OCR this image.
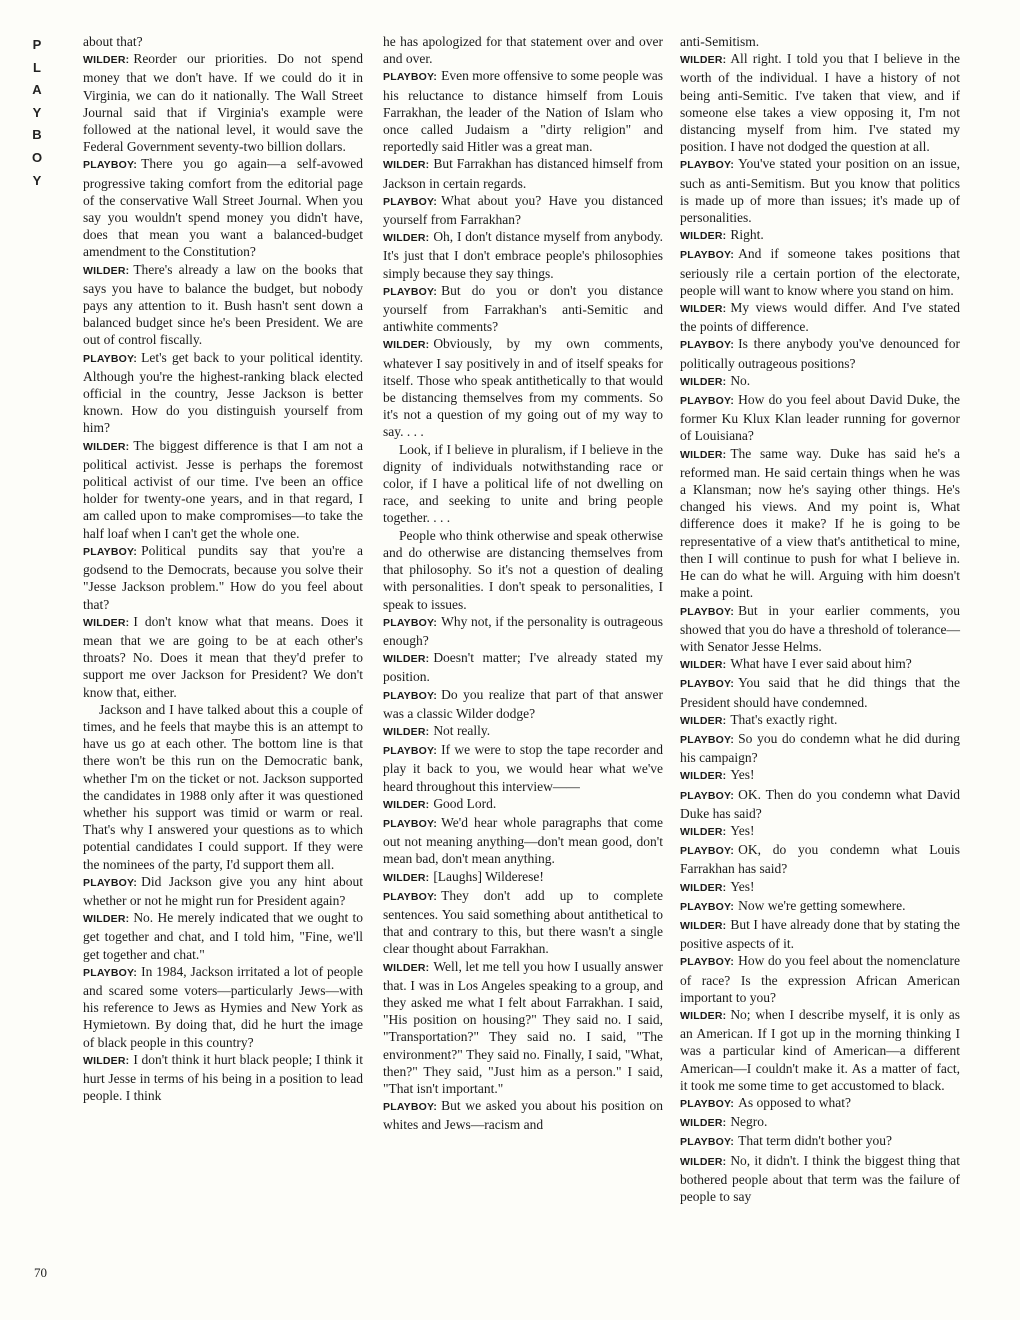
P
L
A
Y
B
O
Y

about that?

WILDER: Reorder our priorities. Do not spend money that we don't have. If we could do it in Virginia, we can do it nationally. The Wall Street Journal said that if Virginia's example were followed at the national level, it would save the Federal Government seventy-two billion dollars.

PLAYBOY: There you go again—a self-avowed progressive taking comfort from the editorial page of the conservative Wall Street Journal. When you say you wouldn't spend money you didn't have, does that mean you want a balanced-budget amendment to the Constitution?

WILDER: There's already a law on the books that says you have to balance the budget, but nobody pays any attention to it. Bush hasn't sent down a balanced budget since he's been President. We are out of control fiscally.

PLAYBOY: Let's get back to your political identity. Although you're the highest-ranking black elected official in the country, Jesse Jackson is better known. How do you distinguish yourself from him?

WILDER: The biggest difference is that I am not a political activist. Jesse is perhaps the foremost political activist of our time. I've been an office holder for twenty-one years, and in that regard, I am called upon to make compromises—to take the half loaf when I can't get the whole one.

PLAYBOY: Political pundits say that you're a godsend to the Democrats, because you solve their "Jesse Jackson problem." How do you feel about that?

WILDER: I don't know what that means. Does it mean that we are going to be at each other's throats? No. Does it mean that they'd prefer to support me over Jackson for President? We don't know that, either.

Jackson and I have talked about this a couple of times, and he feels that maybe this is an attempt to have us go at each other. The bottom line is that there won't be this run on the Democratic bank, whether I'm on the ticket or not. Jackson supported the candidates in 1988 only after it was questioned whether his support was timid or warm or real. That's why I answered your questions as to which potential candidates I could support. If they were the nominees of the party, I'd support them all.

PLAYBOY: Did Jackson give you any hint about whether or not he might run for President again?

WILDER: No. He merely indicated that we ought to get together and chat, and I told him, "Fine, we'll get together and chat."

PLAYBOY: In 1984, Jackson irritated a lot of people and scared some voters—particularly Jews—with his reference to Jews as Hymies and New York as Hymietown. By doing that, did he hurt the image of black people in this country?

WILDER: I don't think it hurt black people; I think it hurt Jesse in terms of his being in a position to lead people. I think

he has apologized for that statement over and over and over.

PLAYBOY: Even more offensive to some people was his reluctance to distance himself from Louis Farrakhan, the leader of the Nation of Islam who once called Judaism a "dirty religion" and reportedly said Hitler was a great man.

WILDER: But Farrakhan has distanced himself from Jackson in certain regards.

PLAYBOY: What about you? Have you distanced yourself from Farrakhan?

WILDER: Oh, I don't distance myself from anybody. It's just that I don't embrace people's philosophies simply because they say things.

PLAYBOY: But do you or don't you distance yourself from Farrakhan's anti-Semitic and antiwhite comments?

WILDER: Obviously, by my own comments, whatever I say positively in and of itself speaks for itself. Those who speak antithetically to that would be distancing themselves from my comments. So it's not a question of my going out of my way to say. . . .

Look, if I believe in pluralism, if I believe in the dignity of individuals notwithstanding race or color, if I have a political life of not dwelling on race, and seeking to unite and bring people together. . . .

People who think otherwise and speak otherwise and do otherwise are distancing themselves from that philosophy. So it's not a question of dealing with personalities. I don't speak to personalities, I speak to issues.

PLAYBOY: Why not, if the personality is outrageous enough?

WILDER: Doesn't matter; I've already stated my position.

PLAYBOY: Do you realize that part of that answer was a classic Wilder dodge?

WILDER: Not really.

PLAYBOY: If we were to stop the tape recorder and play it back to you, we would hear what we've heard throughout this interview——

WILDER: Good Lord.

PLAYBOY: We'd hear whole paragraphs that come out not meaning anything—don't mean good, don't mean bad, don't mean anything.

WILDER: [Laughs] Wilderese!

PLAYBOY: They don't add up to complete sentences. You said something about antithetical to that and contrary to this, but there wasn't a single clear thought about Farrakhan.

WILDER: Well, let me tell you how I usually answer that. I was in Los Angeles speaking to a group, and they asked me what I felt about Farrakhan. I said, "His position on housing?" They said no. I said, "Transportation?" They said no. I said, "The environment?" They said no. Finally, I said, "What, then?" They said, "Just him as a person." I said, "That isn't important."

PLAYBOY: But we asked you about his position on whites and Jews—racism and

anti-Semitism.

WILDER: All right. I told you that I believe in the worth of the individual. I have a history of not being anti-Semitic. I've taken that view, and if someone else takes a view opposing it, I'm not distancing myself from him. I've stated my position. I have not dodged the question at all.

PLAYBOY: You've stated your position on an issue, such as anti-Semitism. But you know that politics is made up of more than issues; it's made up of personalities.

WILDER: Right.

PLAYBOY: And if someone takes positions that seriously rile a certain portion of the electorate, people will want to know where you stand on him.

WILDER: My views would differ. And I've stated the points of difference.

PLAYBOY: Is there anybody you've denounced for politically outrageous positions?

WILDER: No.

PLAYBOY: How do you feel about David Duke, the former Ku Klux Klan leader running for governor of Louisiana?

WILDER: The same way. Duke has said he's a reformed man. He said certain things when he was a Klansman; now he's saying other things. He's changed his views. And my point is, What difference does it make? If he is going to be representative of a view that's antithetical to mine, then I will continue to push for what I believe in. He can do what he will. Arguing with him doesn't make a point.

PLAYBOY: But in your earlier comments, you showed that you do have a threshold of tolerance—with Senator Jesse Helms.

WILDER: What have I ever said about him?

PLAYBOY: You said that he did things that the President should have condemned.

WILDER: That's exactly right.

PLAYBOY: So you do condemn what he did during his campaign?

WILDER: Yes!

PLAYBOY: OK. Then do you condemn what David Duke has said?

WILDER: Yes!

PLAYBOY: OK, do you condemn what Louis Farrakhan has said?

WILDER: Yes!

PLAYBOY: Now we're getting somewhere.

WILDER: But I have already done that by stating the positive aspects of it.

PLAYBOY: How do you feel about the nomenclature of race? Is the expression African American important to you?

WILDER: No; when I describe myself, it is only as an American. If I got up in the morning thinking I was a particular kind of American—a different American—I couldn't make it. As a matter of fact, it took me some time to get accustomed to black.

PLAYBOY: As opposed to what?

WILDER: Negro.

PLAYBOY: That term didn't bother you?

WILDER: No, it didn't. I think the biggest thing that bothered people about that term was the failure of people to say

70
